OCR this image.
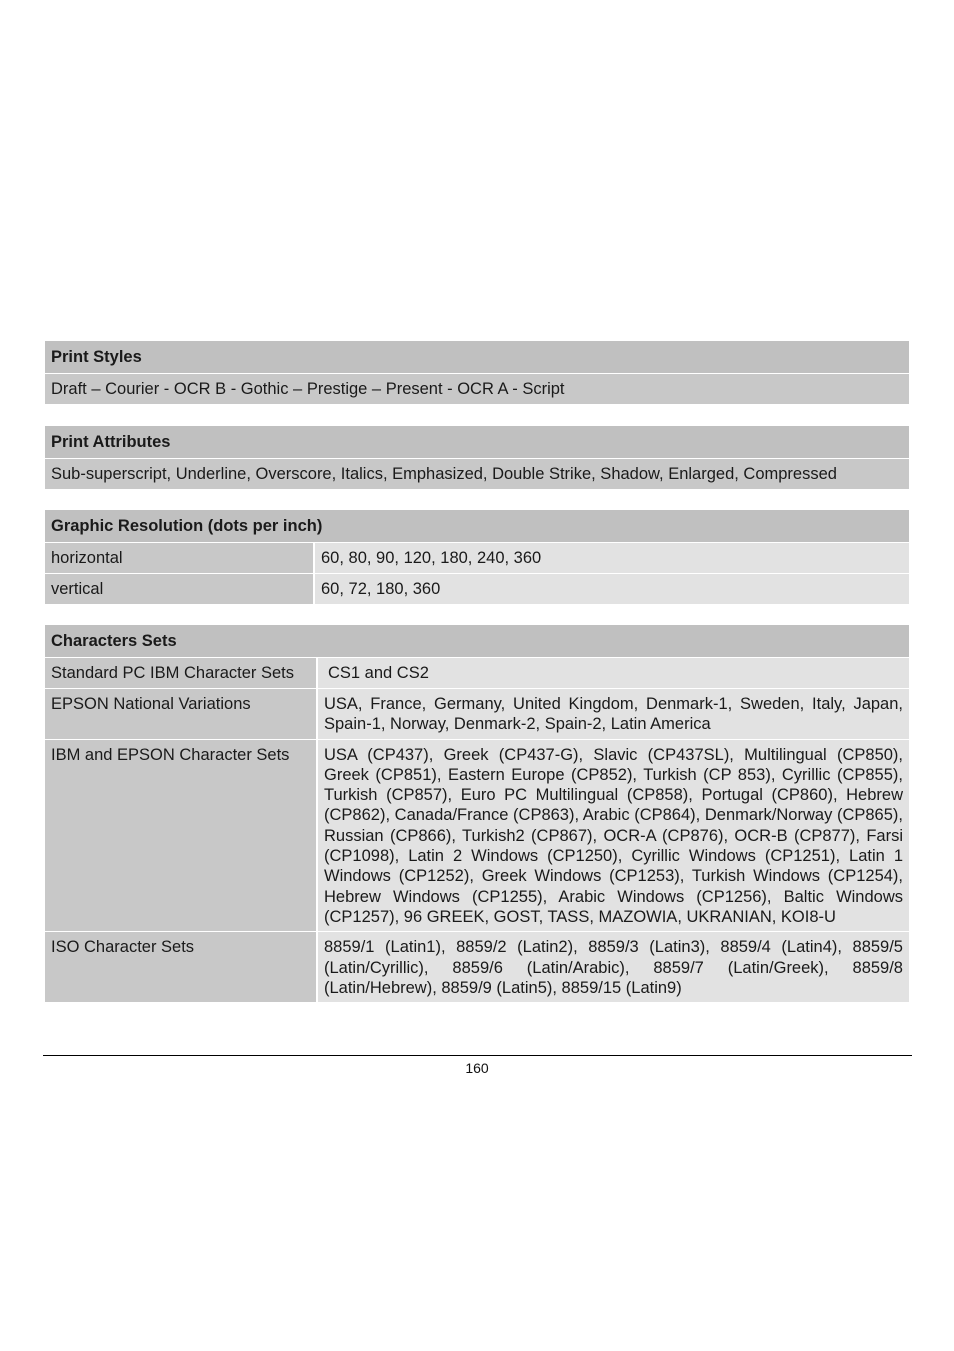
Print Styles
Draft – Courier - OCR B - Gothic – Prestige – Present - OCR A - Script
Print Attributes
Sub-superscript, Underline, Overscore, Italics, Emphasized, Double Strike, Shadow, Enlarged, Compressed
Graphic Resolution (dots per inch)	
horizontal	60, 80, 90, 120, 180, 240, 360
vertical	60, 72, 180, 360
Characters Sets	
Standard PC IBM Character Sets	CS1 and CS2
EPSON National Variations	USA, France, Germany, United Kingdom, Denmark-1, Sweden, Italy, Japan, Spain-1, Norway, Denmark-2, Spain-2, Latin America
IBM and EPSON Character Sets	USA (CP437), Greek (CP437-G), Slavic (CP437SL), Multilingual (CP850), Greek (CP851), Eastern Europe (CP852), Turkish (CP 853), Cyrillic (CP855), Turkish (CP857), Euro PC Multilingual (CP858), Portugal (CP860), Hebrew (CP862), Canada/France (CP863), Arabic (CP864), Denmark/Norway (CP865), Russian (CP866), Turkish2 (CP867), OCR-A (CP876), OCR-B (CP877), Farsi (CP1098), Latin 2 Windows (CP1250), Cyrillic Windows (CP1251), Latin 1 Windows (CP1252), Greek Windows (CP1253), Turkish Windows (CP1254), Hebrew Windows (CP1255), Arabic Windows (CP1256), Baltic Windows (CP1257), 96 GREEK, GOST, TASS, MAZOWIA, UKRANIAN, KOI8-U
ISO Character Sets	8859/1 (Latin1), 8859/2 (Latin2), 8859/3 (Latin3), 8859/4 (Latin4), 8859/5 (Latin/Cyrillic), 8859/6 (Latin/Arabic), 8859/7 (Latin/Greek), 8859/8 (Latin/Hebrew), 8859/9 (Latin5), 8859/15 (Latin9)
160
